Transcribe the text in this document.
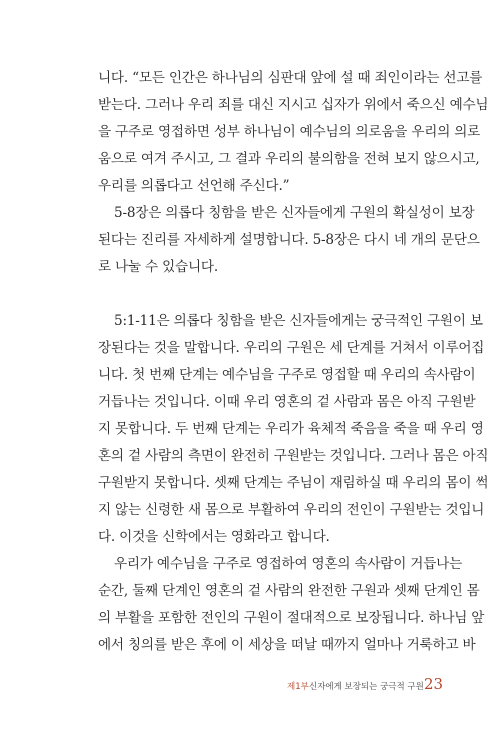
니다. “모든 인간은 하나님의 심판대 앞에 설 때 죄인이라는 선고를
받는다. 그러나 우리 죄를 대신 지시고 십자가 위에서 죽으신 예수님
을 구주로 영접하면 성부 하나님이 예수님의 의로움을 우리의 의로
움으로 여겨 주시고, 그 결과 우리의 불의함을 전혀 보지 않으시고,
우리를 의롭다고 선언해 주신다.”
5-8장은 의롭다 칭함을 받은 신자들에게 구원의 확실성이 보장
된다는 진리를 자세하게 설명합니다. 5-8장은 다시 네 개의 문단으
로 나눌 수 있습니다.
5:1-11은 의롭다 칭함을 받은 신자들에게는 궁극적인 구원이 보
장된다는 것을 말합니다. 우리의 구원은 세 단계를 거쳐서 이루어집
니다. 첫 번째 단계는 예수님을 구주로 영접할 때 우리의 속사람이
거듭나는 것입니다. 이때 우리 영혼의 겉 사람과 몸은 아직 구원받
지 못합니다. 두 번째 단계는 우리가 육체적 죽음을 죽을 때 우리 영
혼의 겉 사람의 측면이 완전히 구원받는 것입니다. 그러나 몸은 아직
구원받지 못합니다. 셋째 단계는 주님이 재림하실 때 우리의 몸이 썩
지 않는 신령한 새 몸으로 부활하여 우리의 전인이 구원받는 것입니
다. 이것을 신학에서는 영화라고 합니다.
우리가 예수님을 구주로 영접하여 영혼의 속사람이 거듭나는
순간, 둘째 단계인 영혼의 겉 사람의 완전한 구원과 셋째 단계인 몸
의 부활을 포함한 전인의 구원이 절대적으로 보장됩니다. 하나님 앞
에서 칭의를 받은 후에 이 세상을 떠날 때까지 얼마나 거룩하고 바
제1부 신자에게 보장되는 궁극적 구원 23
